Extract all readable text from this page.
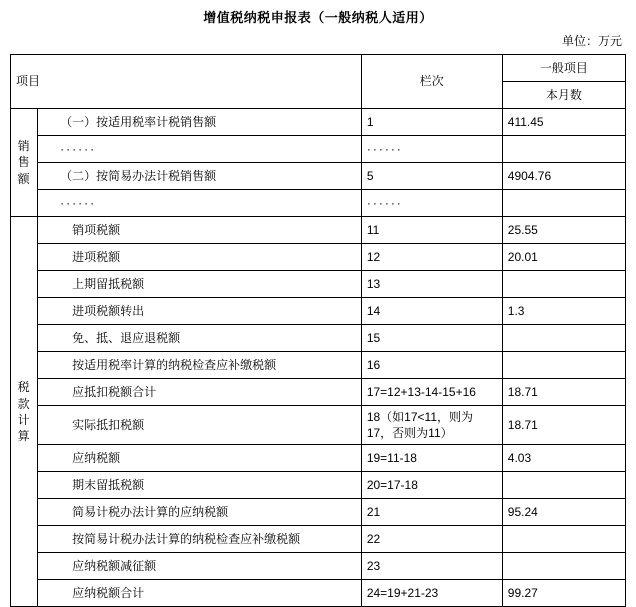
增值税纳税申报表（一般纳税人适用）
单位：万元
项目		栏次	一般项目
			本月数

销
售
额	（一）按适用税率计税销售额	1	411.45
	······	······	
	（二）按简易办法计税销售额	5	4904.76
	······	······	

税
款
计
算	销项税额	11	25.55
	进项税额	12	20.01
	上期留抵税额	13	
	进项税额转出	14	1.3
	免、抵、退应退税额	15	
	按适用税率计算的纳税检查应补缴税额	16	
	应抵扣税额合计	17=12+13-14-15+16	18.71
	实际抵扣税额	18（如17<11，则为17，否则为11）	18.71
	应纳税额	19=11-18	4.03
	期末留抵税额	20=17-18	
	简易计税办法计算的应纳税额	21	95.24
	按简易计税办法计算的纳税检查应补缴税额	22	
	应纳税额减征额	23	
	应纳税额合计	24=19+21-23	99.27
